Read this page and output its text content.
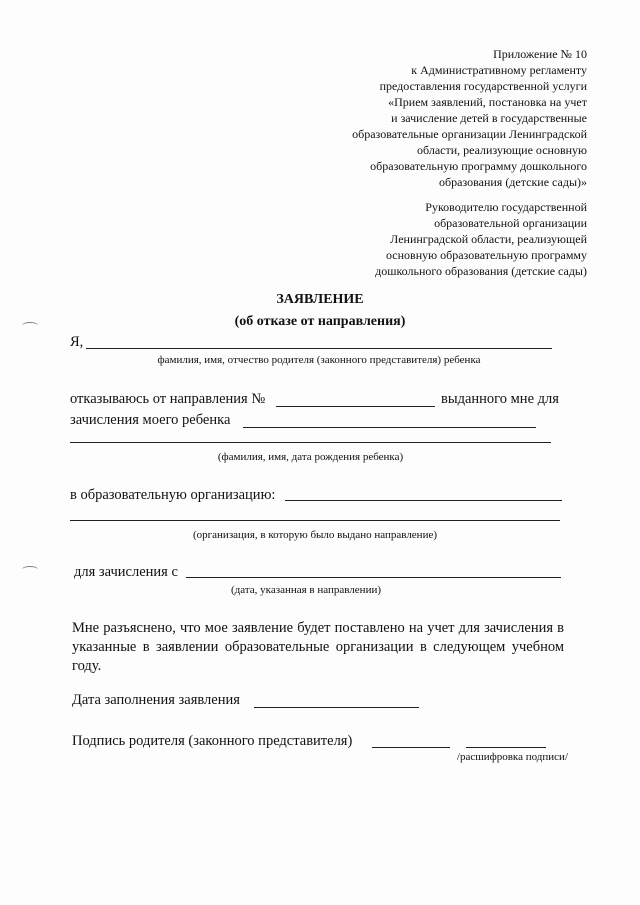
Приложение № 10
к Административному регламенту
предоставления государственной услуги
«Прием заявлений, постановка на учет
и зачисление детей в государственные
образовательные организации Ленинградской
области, реализующие основную
образовательную программу дошкольного
образования (детские сады)»
Руководителю государственной
образовательной организации
Ленинградской области, реализующей
основную образовательную программу
дошкольного образования (детские сады)
ЗАЯВЛЕНИЕ
(об отказе от направления)
Я,
фамилия, имя, отчество родителя (законного представителя) ребенка
отказываюсь от направления №	выданного мне для
зачисления моего ребенка
(фамилия, имя, дата рождения ребенка)
в образовательную организацию:
(организация, в которую было выдано направление)
для зачисления с
(дата, указанная в направлении)
Мне разъяснено, что мое заявление будет поставлено на учет для зачисления в указанные в заявлении образовательные организации в следующем учебном году.
Дата заполнения заявления
Подпись родителя (законного представителя)
/расшифровка подписи/
